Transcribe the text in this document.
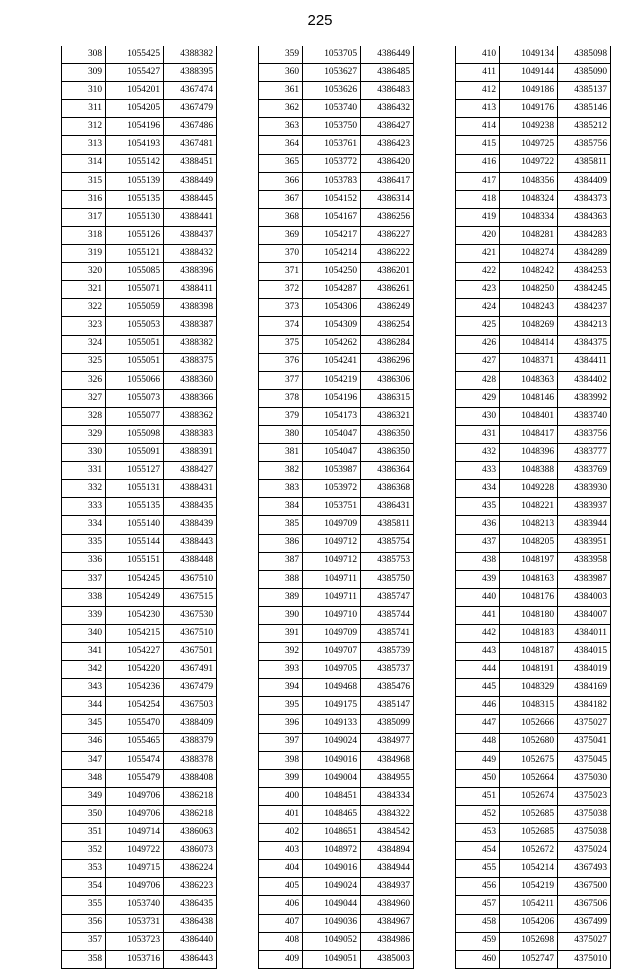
225
308	1055425	4388382
309	1055427	4388395
310	1054201	4367474
311	1054205	4367479
312	1054196	4367486
313	1054193	4367481
314	1055142	4388451
315	1055139	4388449
316	1055135	4388445
317	1055130	4388441
318	1055126	4388437
319	1055121	4388432
320	1055085	4388396
321	1055071	4388411
322	1055059	4388398
323	1055053	4388387
324	1055051	4388382
325	1055051	4388375
326	1055066	4388360
327	1055073	4388366
328	1055077	4388362
329	1055098	4388383
330	1055091	4388391
331	1055127	4388427
332	1055131	4388431
333	1055135	4388435
334	1055140	4388439
335	1055144	4388443
336	1055151	4388448
337	1054245	4367510
338	1054249	4367515
339	1054230	4367530
340	1054215	4367510
341	1054227	4367501
342	1054220	4367491
343	1054236	4367479
344	1054254	4367503
345	1055470	4388409
346	1055465	4388379
347	1055474	4388378
348	1055479	4388408
349	1049706	4386218
350	1049706	4386218
351	1049714	4386063
352	1049722	4386073
353	1049715	4386224
354	1049706	4386223
355	1053740	4386435
356	1053731	4386438
357	1053723	4386440
358	1053716	4386443
359	1053705	4386449
360	1053627	4386485
361	1053626	4386483
362	1053740	4386432
363	1053750	4386427
364	1053761	4386423
365	1053772	4386420
366	1053783	4386417
367	1054152	4386314
368	1054167	4386256
369	1054217	4386227
370	1054214	4386222
371	1054250	4386201
372	1054287	4386261
373	1054306	4386249
374	1054309	4386254
375	1054262	4386284
376	1054241	4386296
377	1054219	4386306
378	1054196	4386315
379	1054173	4386321
380	1054047	4386350
381	1054047	4386350
382	1053987	4386364
383	1053972	4386368
384	1053751	4386431
385	1049709	4385811
386	1049712	4385754
387	1049712	4385753
388	1049711	4385750
389	1049711	4385747
390	1049710	4385744
391	1049709	4385741
392	1049707	4385739
393	1049705	4385737
394	1049468	4385476
395	1049175	4385147
396	1049133	4385099
397	1049024	4384977
398	1049016	4384968
399	1049004	4384955
400	1048451	4384334
401	1048465	4384322
402	1048651	4384542
403	1048972	4384894
404	1049016	4384944
405	1049024	4384937
406	1049044	4384960
407	1049036	4384967
408	1049052	4384986
409	1049051	4385003
410	1049134	4385098
411	1049144	4385090
412	1049186	4385137
413	1049176	4385146
414	1049238	4385212
415	1049725	4385756
416	1049722	4385811
417	1048356	4384409
418	1048324	4384373
419	1048334	4384363
420	1048281	4384283
421	1048274	4384289
422	1048242	4384253
423	1048250	4384245
424	1048243	4384237
425	1048269	4384213
426	1048414	4384375
427	1048371	4384411
428	1048363	4384402
429	1048146	4383992
430	1048401	4383740
431	1048417	4383756
432	1048396	4383777
433	1048388	4383769
434	1049228	4383930
435	1048221	4383937
436	1048213	4383944
437	1048205	4383951
438	1048197	4383958
439	1048163	4383987
440	1048176	4384003
441	1048180	4384007
442	1048183	4384011
443	1048187	4384015
444	1048191	4384019
445	1048329	4384169
446	1048315	4384182
447	1052666	4375027
448	1052680	4375041
449	1052675	4375045
450	1052664	4375030
451	1052674	4375023
452	1052685	4375038
453	1052685	4375038
454	1052672	4375024
455	1054214	4367493
456	1054219	4367500
457	1054211	4367506
458	1054206	4367499
459	1052698	4375027
460	1052747	4375010
